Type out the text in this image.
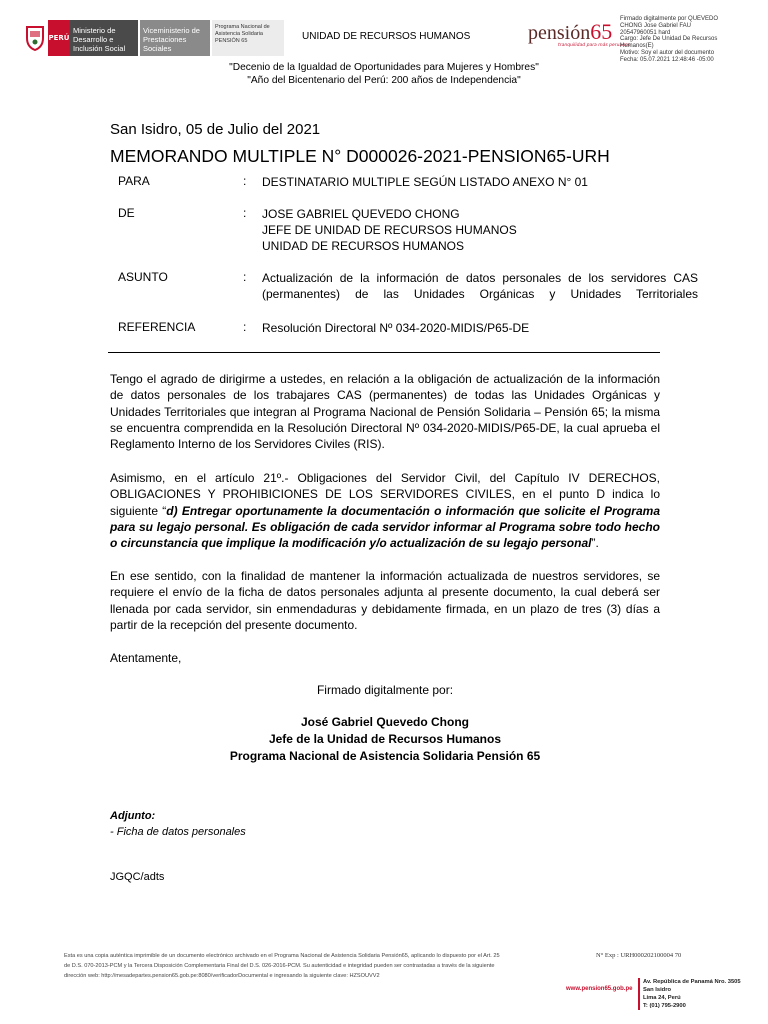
PERÚ
Ministerio de Desarrollo e Inclusión Social
Viceministerio de Prestaciones Sociales
Programa Nacional de Asistencia Solidaria PENSIÓN 65	UNIDAD DE RECURSOS HUMANOS	pensión65
tranquilidad para más peruanos
Firmado digitalmente por QUEVEDO
CHONG Jose Gabriel FAU
20547960051 hard
Cargo: Jefe De Unidad De Recursos
Humanos(E)
Motivo: Soy el autor del documento
Fecha: 05.07.2021 12:48:46 -05:00
"Decenio de la Igualdad de Oportunidades para Mujeres y Hombres"
"Año del Bicentenario del Perú: 200 años de Independencia"
San Isidro, 05 de Julio del 2021
MEMORANDO MULTIPLE N° D000026-2021-PENSION65-URH
PARA	: DESTINATARIO MULTIPLE SEGÚN LISTADO ANEXO N° 01
DE	: JOSE GABRIEL QUEVEDO CHONG
JEFE DE UNIDAD DE RECURSOS HUMANOS
UNIDAD DE RECURSOS HUMANOS
ASUNTO	: Actualización de la información de datos personales de los servidores CAS
(permanentes) de las Unidades Orgánicas y Unidades Territoriales
REFERENCIA	: Resolución Directoral Nº 034-2020-MIDIS/P65-DE
Tengo el agrado de dirigirme a ustedes, en relación a la obligación de actualización de la información de datos personales de los trabajares CAS (permanentes) de todas las Unidades Orgánicas y Unidades Territoriales que integran al Programa Nacional de Pensión Solidaria – Pensión 65; la misma se encuentra comprendida en la Resolución Directoral Nº 034-2020-MIDIS/P65-DE, la cual aprueba el Reglamento Interno de los Servidores Civiles (RIS).
Asimismo, en el artículo 21º.- Obligaciones del Servidor Civil, del Capítulo IV DERECHOS, OBLIGACIONES Y PROHIBICIONES DE LOS SERVIDORES CIVILES, en el punto D indica lo siguiente “d) Entregar oportunamente la documentación o información que solicite el Programa para su legajo personal. Es obligación de cada servidor informar al Programa sobre todo hecho o circunstancia que implique la modificación y/o actualización de su legajo personal”.
En ese sentido, con la finalidad de mantener la información actualizada de nuestros servidores, se requiere el envío de la ficha de datos personales adjunta al presente documento, la cual deberá ser llenada por cada servidor, sin enmendaduras y debidamente firmada, en un plazo de tres (3) días a partir de la recepción del presente documento.
Atentamente,
Firmado digitalmente por:
José Gabriel Quevedo Chong
Jefe de la Unidad de Recursos Humanos
Programa Nacional de Asistencia Solidaria Pensión 65
Adjunto:
- Ficha de datos personales
JGQC/adts
Esta es una copia auténtica imprimible de un documento electrónico archivado en el Programa Nacional de Asistencia Solidaria Pensión65, aplicando lo dispuesto por el Art. 25
de D.S. 070-2013-PCM y la Tercera Disposición Complementaria Final del D.S. 026-2016-PCM. Su autenticidad e integridad pueden ser contrastadas a través de la siguiente
dirección web: http://mesadepartes.pension65.gob.pe:8080/verificadorDocumental e ingresando la siguiente clave: HZSOUVV2
N° Exp : URH000202100004 70
www.pension65.gob.pe
Av. República de Panamá Nro. 3505
San Isidro
Lima 24, Perú
T: (01) 795-2900
